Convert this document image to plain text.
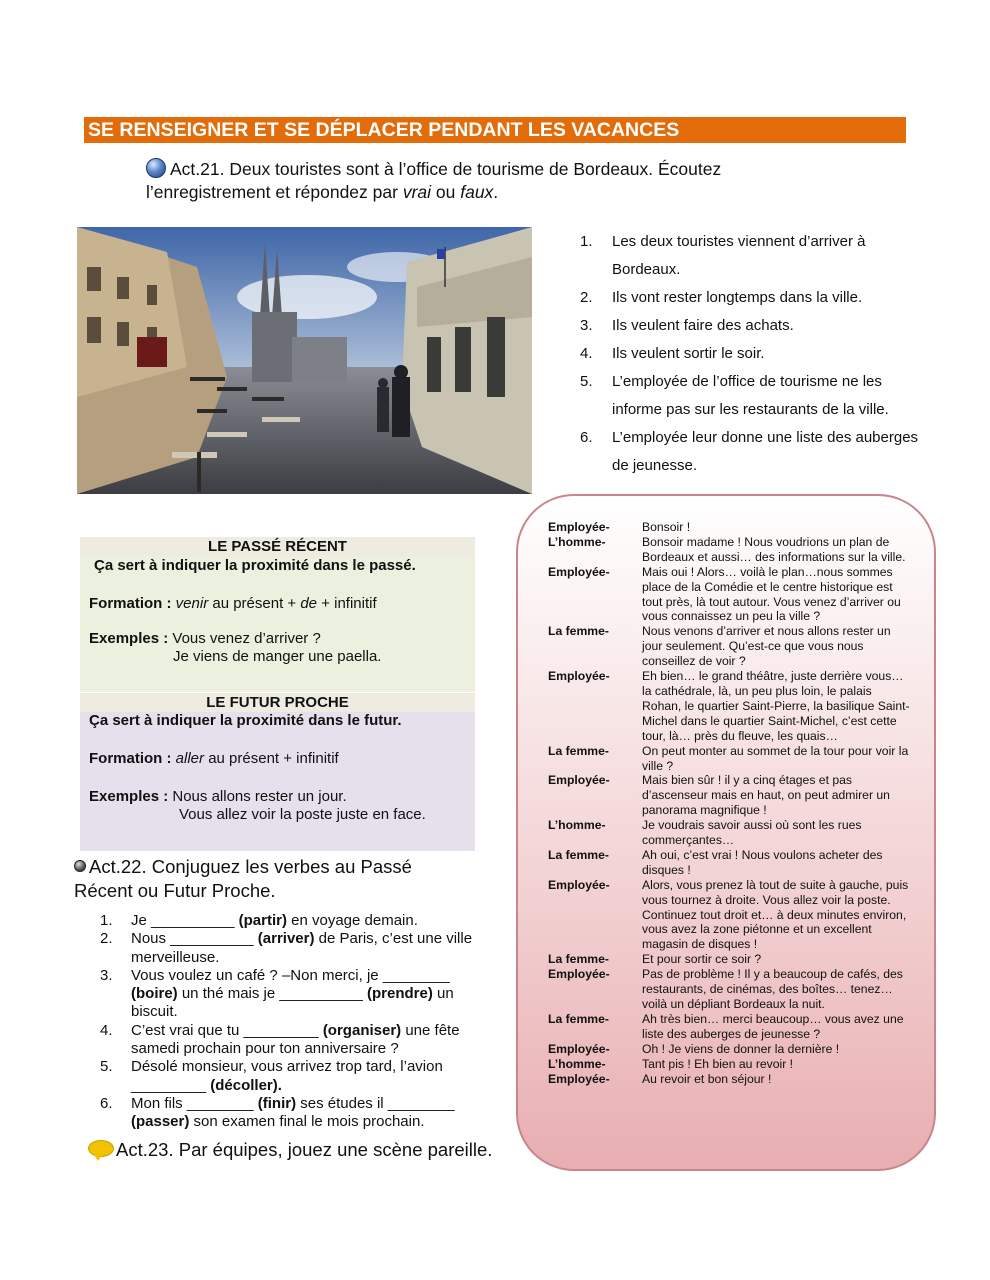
SE RENSEIGNER ET SE DÉPLACER PENDANT LES VACANCES
Act.21. Deux touristes sont à l’office de tourisme de Bordeaux. Écoutez l’enregistrement et répondez par vrai ou faux.
1.	Les deux touristes viennent d’arriver à Bordeaux.
2.	Ils vont rester longtemps dans la ville.
3.	Ils veulent faire des achats.
4.	Ils veulent sortir le soir.
5.	L’employée de l’office de tourisme ne les informe pas sur les restaurants de la ville.
6.	L’employée leur donne une liste des auberges de jeunesse.
LE PASSÉ RÉCENT
Ça sert à indiquer la proximité dans le passé.
Formation : venir au présent + de + infinitif
Exemples : Vous venez d’arriver ?
Je viens de manger une paella.
LE FUTUR PROCHE
Ça sert à indiquer la proximité dans le futur.
Formation : aller au présent + infinitif
Exemples : Nous allons rester un jour.
Vous allez voir la poste juste en face.
Act.22. Conjuguez les verbes au Passé Récent ou Futur Proche.
1.	Je __________ (partir) en voyage demain.
2.	Nous __________ (arriver) de Paris, c’est une ville merveilleuse.
3.	Vous voulez un café ? –Non merci, je ________ (boire) un thé mais je __________ (prendre) un biscuit.
4.	C’est vrai que tu _________ (organiser) une fête samedi prochain pour ton anniversaire ?
5.	Désolé monsieur, vous arrivez trop tard, l’avion _________ (décoller).
6.	Mon fils ________ (finir) ses études il ________ (passer) son examen final le mois prochain.
Act.23. Par équipes, jouez une scène pareille.
Employée-	Bonsoir !
L’homme-	Bonsoir madame ! Nous voudrions un plan de Bordeaux et aussi… des informations sur la ville.
Employée-	Mais oui ! Alors… voilà le plan…nous sommes place de la Comédie et le centre historique est tout près, là tout autour. Vous venez d’arriver ou vous connaissez un peu la ville ?
La femme-	Nous venons d’arriver et nous allons rester un jour seulement. Qu’est-ce que vous nous conseillez de voir ?
Employée-	Eh bien… le grand théâtre, juste derrière vous… la cathédrale, là, un peu plus loin, le palais Rohan, le quartier Saint-Pierre, la basilique Saint-Michel dans le quartier Saint-Michel, c’est cette tour, là… près du fleuve, les quais…
La femme-	On peut monter au sommet de la tour pour voir la ville ?
Employée-	Mais bien sûr ! il y a cinq étages et pas d’ascenseur mais en haut, on peut admirer un panorama magnifique !
L’homme-	Je voudrais savoir aussi où sont les rues commerçantes…
La femme-	Ah oui, c’est vrai ! Nous voulons acheter des disques !
Employée-	Alors, vous prenez là tout de suite à gauche, puis vous tournez à droite. Vous allez voir la poste. Continuez tout droit et… à deux minutes environ, vous avez la zone piétonne et un excellent magasin de disques !
La femme-	Et pour sortir ce soir ?
Employée-	Pas de problème ! Il y a beaucoup de cafés, des restaurants, de cinémas, des boîtes… tenez… voilà un dépliant Bordeaux la nuit.
La femme-	Ah très bien… merci beaucoup… vous avez une liste des auberges de jeunesse ?
Employée-	Oh ! Je viens de donner la dernière !
L’homme-	Tant pis ! Eh bien au revoir !
Employée-	Au revoir et bon séjour !
